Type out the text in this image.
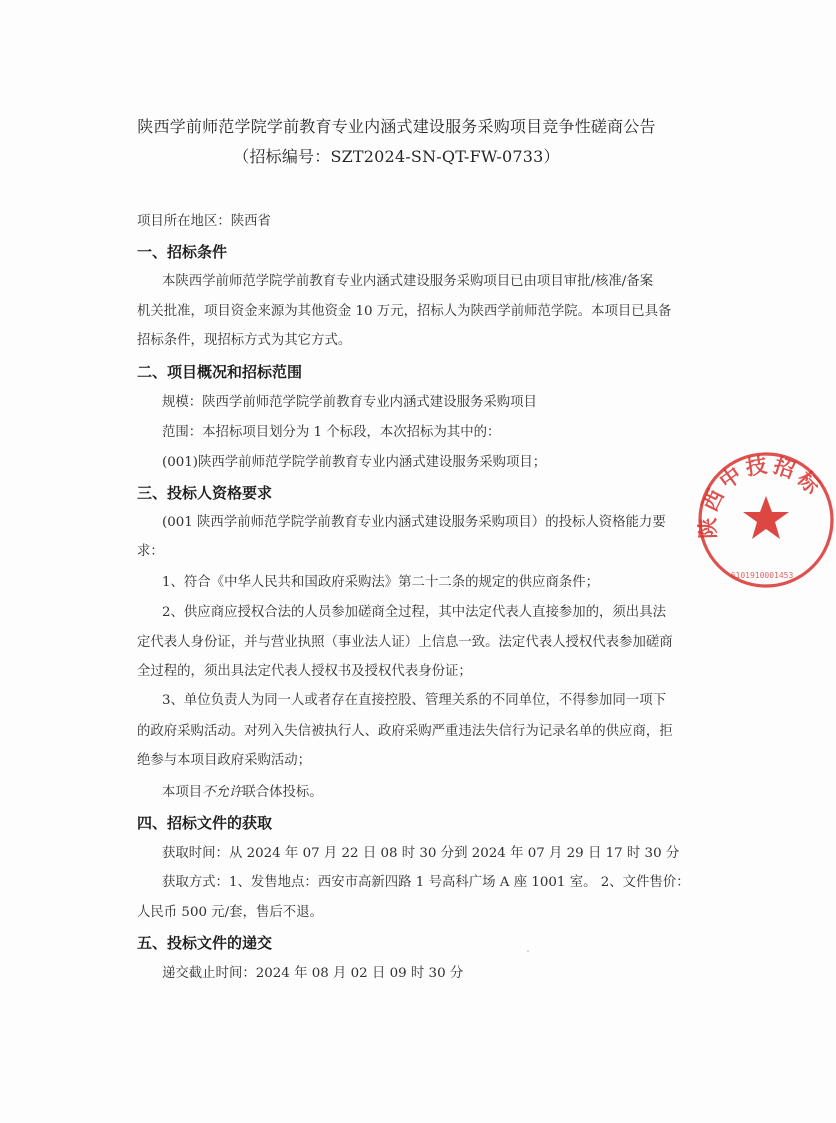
陕西学前师范学院学前教育专业内涵式建设服务采购项目竞争性磋商公告
（招标编号：SZT2024-SN-QT-FW-0733）
项目所在地区：陕西省
一、招标条件
本陕西学前师范学院学前教育专业内涵式建设服务采购项目已由项目审批/核准/备案
机关批准，项目资金来源为其他资金 10 万元，招标人为陕西学前师范学院。本项目已具备
招标条件，现招标方式为其它方式。
二、项目概况和招标范围
规模：陕西学前师范学院学前教育专业内涵式建设服务采购项目
范围：本招标项目划分为 1 个标段，本次招标为其中的：
(001)陕西学前师范学院学前教育专业内涵式建设服务采购项目；
三、投标人资格要求
(001 陕西学前师范学院学前教育专业内涵式建设服务采购项目）的投标人资格能力要
求：
1、符合《中华人民共和国政府采购法》第二十二条的规定的供应商条件；
2、供应商应授权合法的人员参加磋商全过程，其中法定代表人直接参加的，须出具法
定代表人身份证，并与营业执照（事业法人证）上信息一致。法定代表人授权代表参加磋商
全过程的，须出具法定代表人授权书及授权代表身份证；
3、单位负责人为同一人或者存在直接控股、管理关系的不同单位，不得参加同一项下
的政府采购活动。对列入失信被执行人、政府采购严重违法失信行为记录名单的供应商，拒
绝参与本项目政府采购活动；
本项目不允许联合体投标。
四、招标文件的获取
获取时间：从 2024 年 07 月 22 日 08 时 30 分到 2024 年 07 月 29 日 17 时 30 分
获取方式：1、发售地点：西安市高新四路 1 号高科广场 A 座 1001 室。 2、文件售价：
人民币 500 元/套，售后不退。
五、投标文件的递交
递交截止时间：2024 年 08 月 02 日 09 时 30 分
陕西中技招标
6101910001453
